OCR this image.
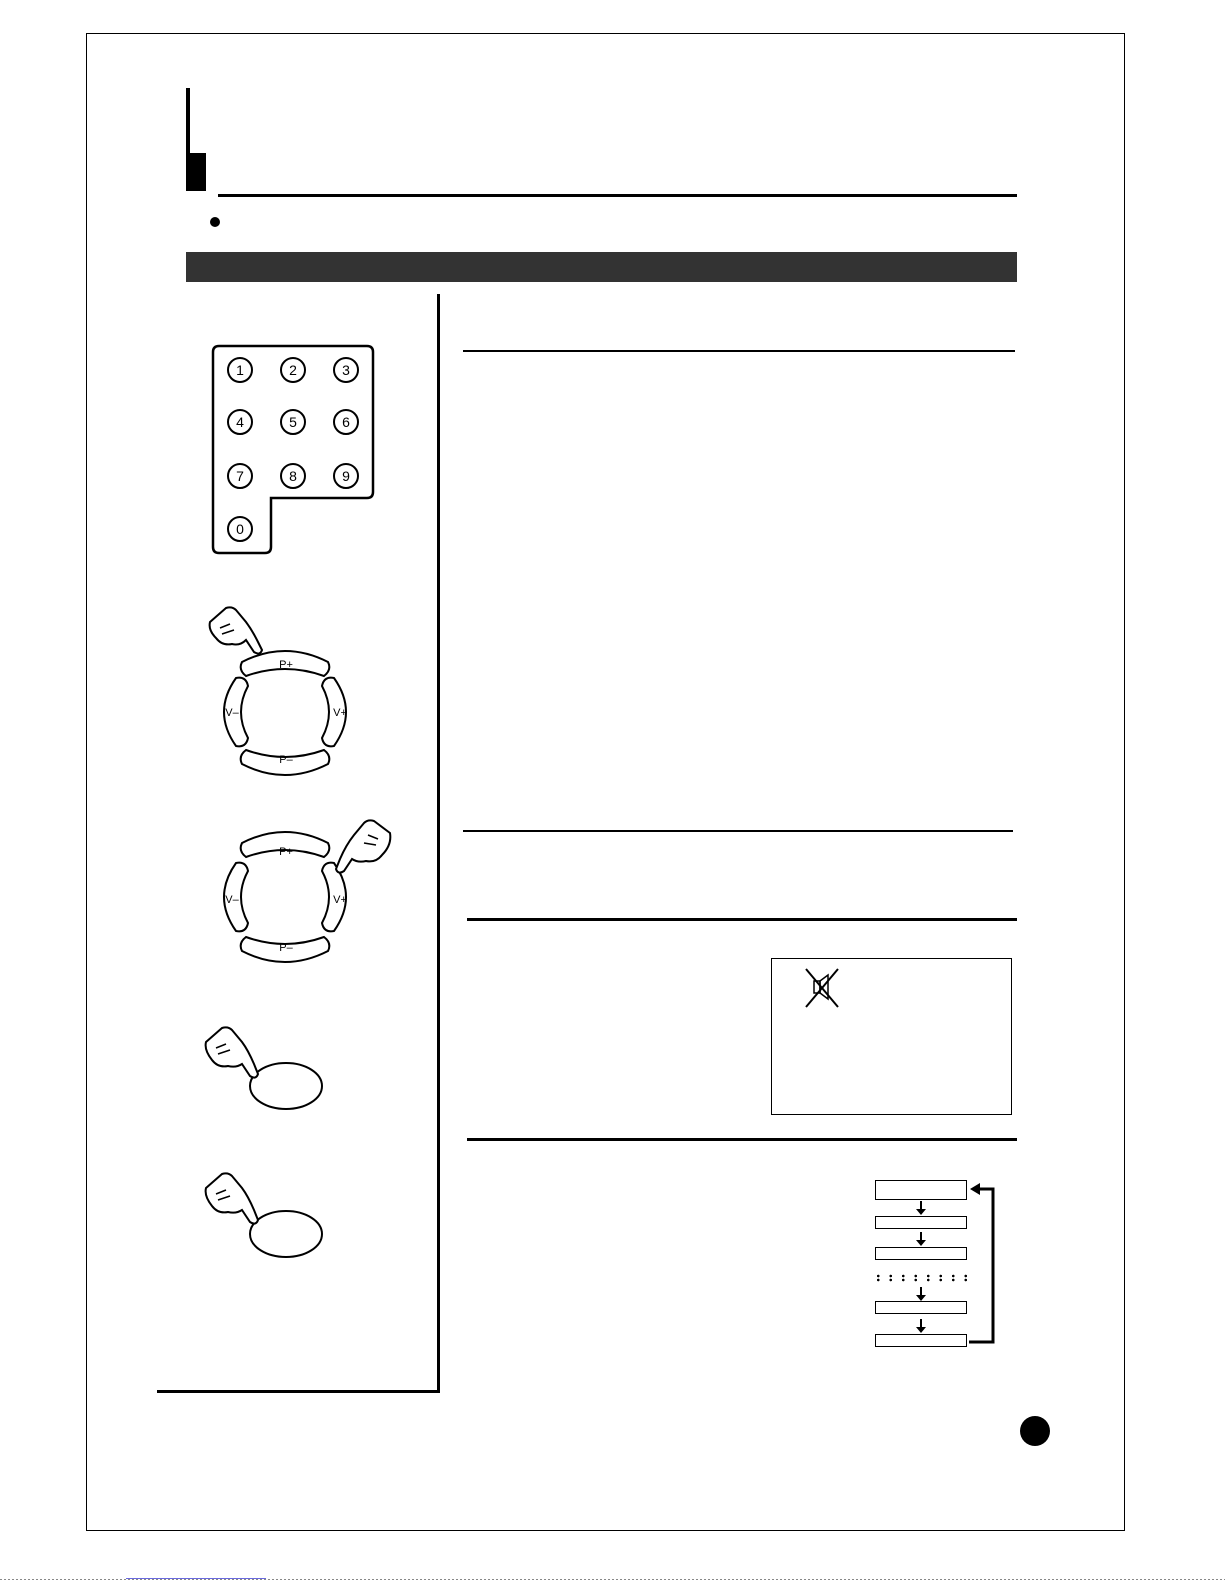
1	2	3
4	5	6
7	8	9
0
P+
V–	V+
P–
P+
V–	V+
P–
